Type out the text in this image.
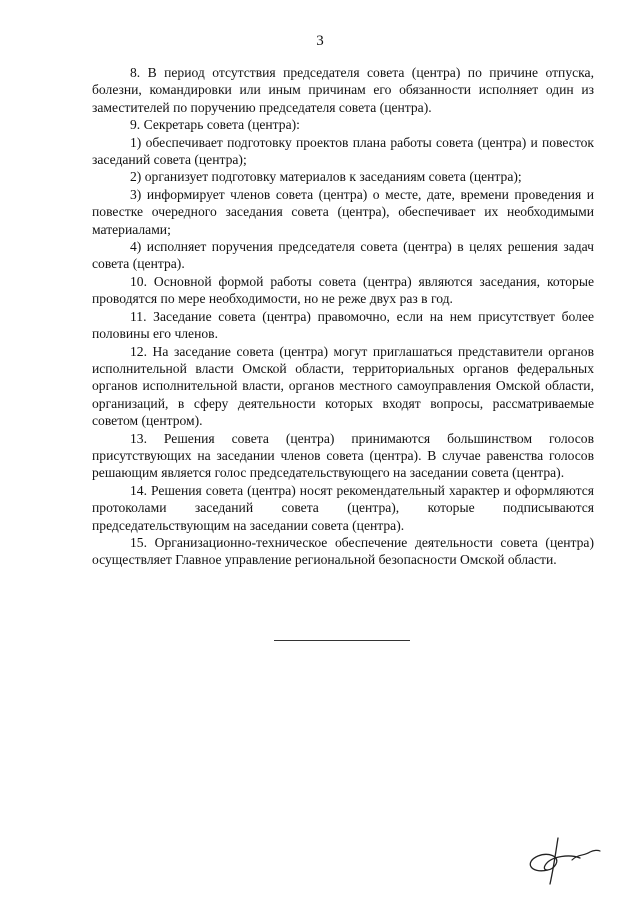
3

8. В период отсутствия председателя совета (центра) по причине отпуска, болезни, командировки или иным причинам его обязанности исполняет один из заместителей по поручению председателя совета (центра).

9. Секретарь совета (центра):

1) обеспечивает подготовку проектов плана работы совета (центра) и повесток заседаний совета (центра);

2) организует подготовку материалов к заседаниям совета (центра);

3) информирует членов совета (центра) о месте, дате, времени проведения и повестке очередного заседания совета (центра), обеспечивает их необходимыми материалами;

4) исполняет поручения председателя совета (центра) в целях решения задач совета (центра).

10. Основной формой работы совета (центра) являются заседания, которые проводятся по мере необходимости, но не реже двух раз в год.

11. Заседание совета (центра) правомочно, если на нем присутствует более половины его членов.

12. На заседание совета (центра) могут приглашаться представители органов исполнительной власти Омской области, территориальных органов федеральных органов исполнительной власти, органов местного самоуправления Омской области, организаций, в сферу деятельности которых входят вопросы, рассматриваемые советом (центром).

13. Решения совета (центра) принимаются большинством голосов присутствующих на заседании членов совета (центра). В случае равенства голосов решающим является голос председательствующего на заседании совета (центра).

14. Решения совета (центра) носят рекомендательный характер и оформляются протоколами заседаний совета (центра), которые подписываются председательствующим на заседании совета (центра).

15. Организационно-техническое обеспечение деятельности совета (центра) осуществляет Главное управление региональной безопасности Омской области.
